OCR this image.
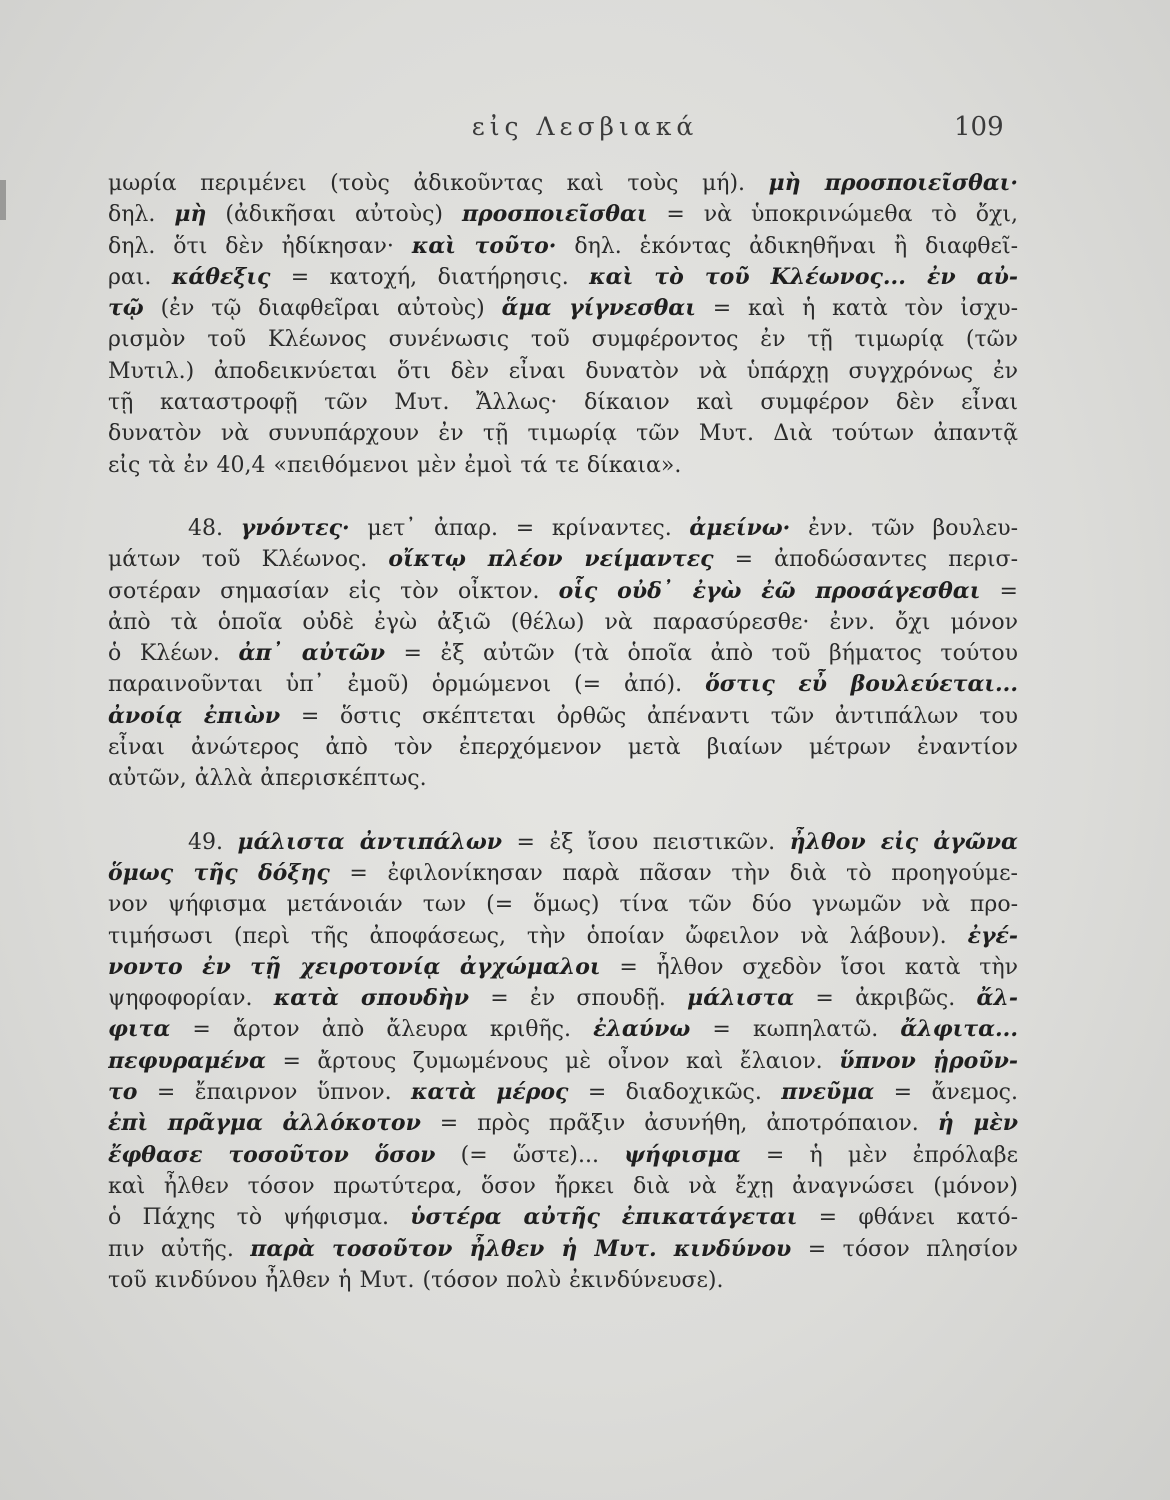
εἰς Λεσβιακά	109
μωρία περιμένει (τοὺς ἀδικοῦντας καὶ τοὺς μή). μὴ προσποιεῖσθαι·
δηλ. μὴ (ἀδικῆσαι αὐτοὺς) προσποιεῖσθαι = νὰ ὑποκρινώμεθα τὸ ὄχι,
δηλ. ὅτι δὲν ἠδίκησαν· καὶ τοῦτο· δηλ. ἑκόντας ἀδικηθῆναι ἢ διαφθεῖ-
ραι. κάθεξις = κατοχή, διατήρησις. καὶ τὸ τοῦ Κλέωνος... ἐν αὐ-
τῷ (ἐν τῷ διαφθεῖραι αὐτοὺς) ἅμα γίγνεσθαι = καὶ ἡ κατὰ τὸν ἰσχυ-
ρισμὸν τοῦ Κλέωνος συνένωσις τοῦ συμφέροντος ἐν τῇ τιμωρίᾳ (τῶν
Μυτιλ.) ἀποδεικνύεται ὅτι δὲν εἶναι δυνατὸν νὰ ὑπάρχῃ συγχρόνως ἐν
τῇ καταστροφῇ τῶν Μυτ. Ἄλλως· δίκαιον καὶ συμφέρον δὲν εἶναι
δυνατὸν νὰ συνυπάρχουν ἐν τῇ τιμωρίᾳ τῶν Μυτ. Διὰ τούτων ἀπαντᾷ
εἰς τὰ ἐν 40,4 «πειθόμενοι μὲν ἐμοὶ τά τε δίκαια».
48. γνόντες· μετ᾽ ἀπαρ. = κρίναντες. ἀμείνω· ἐνν. τῶν βουλευ-
μάτων τοῦ Κλέωνος. οἴκτῳ πλέον νείμαντες = ἀποδώσαντες περισ-
σοτέραν σημασίαν εἰς τὸν οἶκτον. οἷς οὐδ᾽ ἐγὼ ἐῶ προσάγεσθαι =
ἀπὸ τὰ ὁποῖα οὐδὲ ἐγὼ ἀξιῶ (θέλω) νὰ παρασύρεσθε· ἐνν. ὄχι μόνον
ὁ Κλέων. ἀπ᾽ αὐτῶν = ἐξ αὐτῶν (τὰ ὁποῖα ἀπὸ τοῦ βήματος τούτου
παραινοῦνται ὑπ᾽ ἐμοῦ) ὁρμώμενοι (= ἀπό). ὅστις εὖ βουλεύεται...
ἀνοίᾳ ἐπιὼν = ὅστις σκέπτεται ὀρθῶς ἀπέναντι τῶν ἀντιπάλων του
εἶναι ἀνώτερος ἀπὸ τὸν ἐπερχόμενον μετὰ βιαίων μέτρων ἐναντίον
αὐτῶν, ἀλλὰ ἀπερισκέπτως.
49. μάλιστα ἀντιπάλων = ἐξ ἴσου πειστικῶν. ἦλθον εἰς ἀγῶνα
ὅμως τῆς δόξης = ἐφιλονίκησαν παρὰ πᾶσαν τὴν διὰ τὸ προηγούμε-
νον ψήφισμα μετάνοιάν των (= ὅμως) τίνα τῶν δύο γνωμῶν νὰ προ-
τιμήσωσι (περὶ τῆς ἀποφάσεως, τὴν ὁποίαν ὤφειλον νὰ λάβουν). ἐγέ-
νοντο ἐν τῇ χειροτονίᾳ ἀγχώμαλοι = ἦλθον σχεδὸν ἴσοι κατὰ τὴν
ψηφοφορίαν. κατὰ σπουδὴν = ἐν σπουδῇ. μάλιστα = ἀκριβῶς. ἄλ-
φιτα = ἄρτον ἀπὸ ἄλευρα κριθῆς. ἐλαύνω = κωπηλατῶ. ἄλφιτα...
πεφυραμένα = ἄρτους ζυμωμένους μὲ οἶνον καὶ ἔλαιον. ὕπνον ᾑροῦν-
το = ἔπαιρνον ὕπνον. κατὰ μέρος = διαδοχικῶς. πνεῦμα = ἄνεμος.
ἐπὶ πρᾶγμα ἀλλόκοτον = πρὸς πρᾶξιν ἀσυνήθη, ἀποτρόπαιον. ἡ μὲν
ἔφθασε τοσοῦτον ὅσον (= ὥστε)... ψήφισμα = ἡ μὲν ἐπρόλαβε
καὶ ἦλθεν τόσον πρωτύτερα, ὅσον ἤρκει διὰ νὰ ἔχῃ ἀναγνώσει (μόνον)
ὁ Πάχης τὸ ψήφισμα. ὑστέρα αὐτῆς ἐπικατάγεται = φθάνει κατό-
πιν αὐτῆς. παρὰ τοσοῦτον ἦλθεν ἡ Μυτ. κινδύνου = τόσον πλησίον
τοῦ κινδύνου ἦλθεν ἡ Μυτ. (τόσον πολὺ ἐκινδύνευσε).
